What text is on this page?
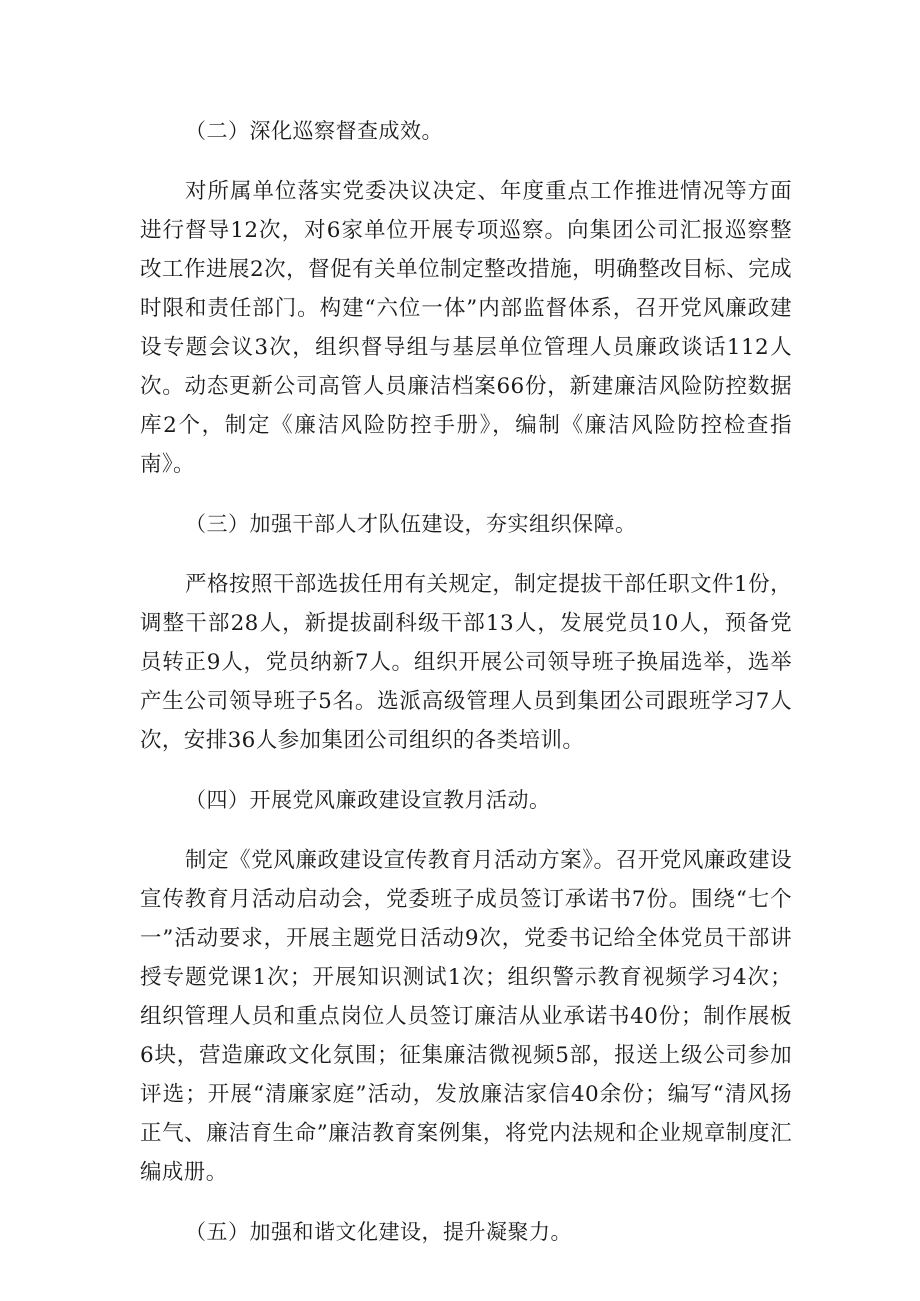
（二）深化巡察督查成效。

对所属单位落实党委决议决定、年度重点工作推进情况等方面进行督导12次，对6家单位开展专项巡察。向集团公司汇报巡察整改工作进展2次，督促有关单位制定整改措施，明确整改目标、完成时限和责任部门。构建“六位一体”内部监督体系，召开党风廉政建设专题会议3次，组织督导组与基层单位管理人员廉政谈话112人次。动态更新公司高管人员廉洁档案66份，新建廉洁风险防控数据库2个，制定《廉洁风险防控手册》，编制《廉洁风险防控检查指南》。

（三）加强干部人才队伍建设，夯实组织保障。

严格按照干部选拔任用有关规定，制定提拔干部任职文件1份，调整干部28人，新提拔副科级干部13人，发展党员10人，预备党员转正9人，党员纳新7人。组织开展公司领导班子换届选举，选举产生公司领导班子5名。选派高级管理人员到集团公司跟班学习7人次，安排36人参加集团公司组织的各类培训。

（四）开展党风廉政建设宣教月活动。

制定《党风廉政建设宣传教育月活动方案》。召开党风廉政建设宣传教育月活动启动会，党委班子成员签订承诺书7份。围绕“七个一”活动要求，开展主题党日活动9次，党委书记给全体党员干部讲授专题党课1次；开展知识测试1次；组织警示教育视频学习4次；组织管理人员和重点岗位人员签订廉洁从业承诺书40份；制作展板6块，营造廉政文化氛围；征集廉洁微视频5部，报送上级公司参加评选；开展“清廉家庭”活动，发放廉洁家信40余份；编写“清风扬正气、廉洁育生命”廉洁教育案例集，将党内法规和企业规章制度汇编成册。

（五）加强和谐文化建设，提升凝聚力。
